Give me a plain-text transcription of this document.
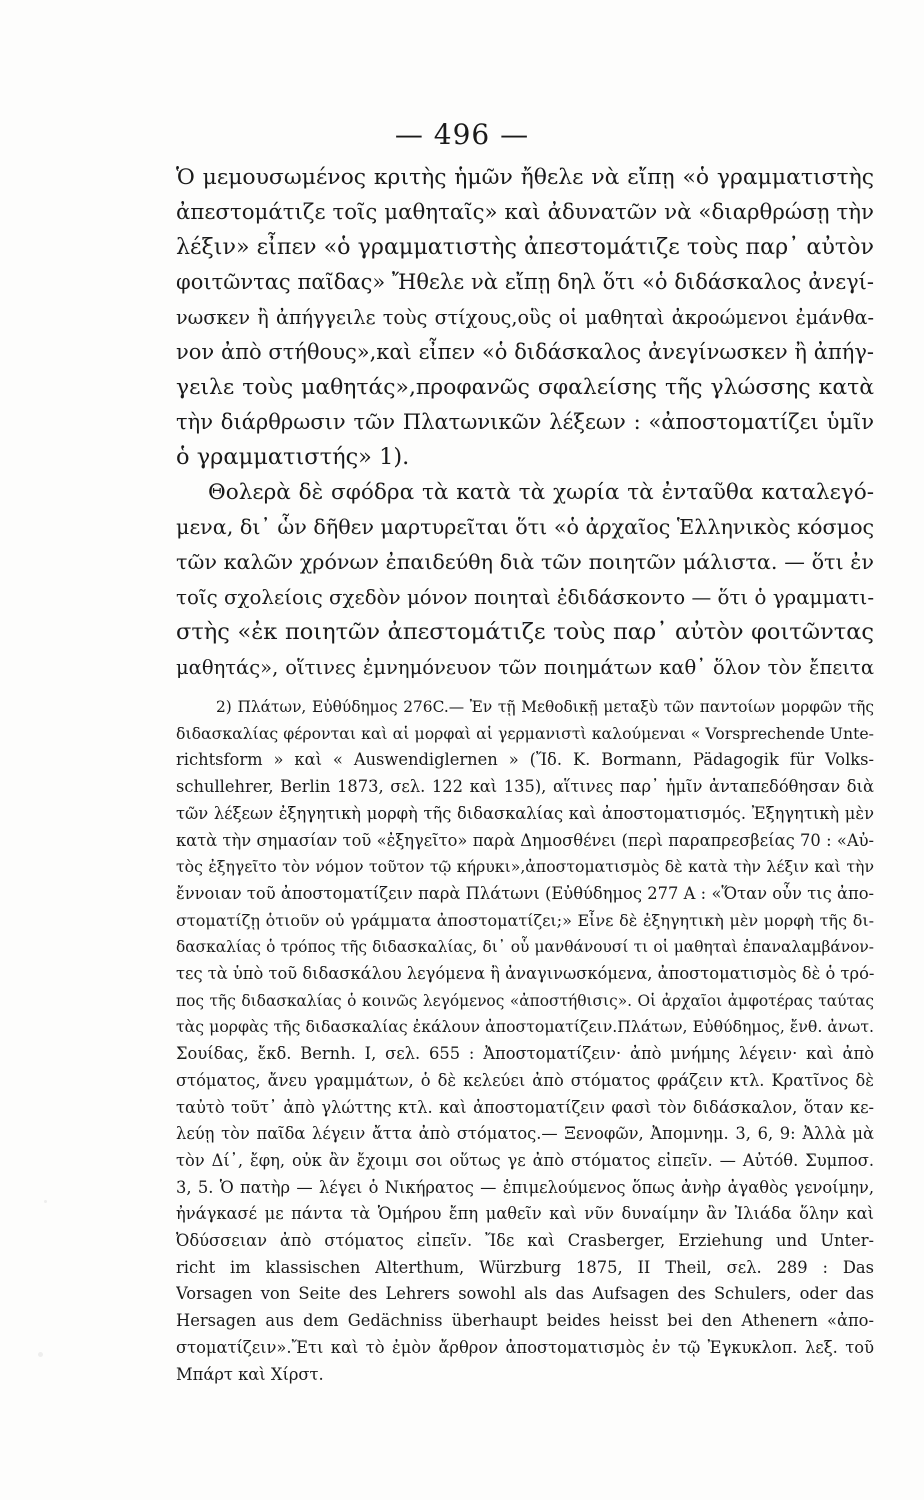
— 496 —
Ὁ μεμουσωμένος κριτὴς ἡμῶν ἤθελε νὰ εἴπῃ «ὁ γραμματιστὴς
ἀπεστομάτιζε τοῖς μαθηταῖς» καὶ ἀδυνατῶν νὰ «διαρθρώσῃ τὴν
λέξιν» εἶπεν «ὁ γραμματιστὴς ἀπεστομάτιζε τοὺς παρ᾽ αὐτὸν
φοιτῶντας παῖδας» Ἤθελε νὰ εἴπῃ δηλ ὅτι «ὁ διδάσκαλος ἀνεγί-
νωσκεν ἢ ἀπήγγειλε τοὺς στίχους,οὓς οἱ μαθηταὶ ἀκροώμενοι ἐμάνθα-
νον ἀπὸ στήθους»,καὶ εἶπεν «ὁ διδάσκαλος ἀνεγίνωσκεν ἢ ἀπήγ-
γειλε τοὺς μαθητάς»,προφανῶς σφαλείσης τῆς γλώσσης κατὰ
τὴν διάρθρωσιν τῶν Πλατωνικῶν λέξεων : «ἀποστοματίζει ὑμῖν
ὁ γραμματιστής» 1).
Θολερὰ δὲ σφόδρα τὰ κατὰ τὰ χωρία τὰ ἐνταῦθα καταλεγό-
μενα, δι᾽ ὧν δῆθεν μαρτυρεῖται ὅτι «ὁ ἀρχαῖος Ἑλληνικὸς κόσμος
τῶν καλῶν χρόνων ἐπαιδεύθη διὰ τῶν ποιητῶν μάλιστα. — ὅτι ἐν
τοῖς σχολείοις σχεδὸν μόνον ποιηταὶ ἐδιδάσκοντο — ὅτι ὁ γραμματι-
στὴς «ἐκ ποιητῶν ἀπεστομάτιζε τοὺς παρ᾽ αὐτὸν φοιτῶντας
μαθητάς», οἵτινες ἐμνημόνευον τῶν ποιημάτων καθ᾽ ὅλον τὸν ἔπειτα
2) Πλάτων, Εὐθύδημος 276C.— Ἐν τῇ Μεθοδικῇ μεταξὺ τῶν παντοίων μορφῶν τῆς
διδασκαλίας φέρονται καὶ αἱ μορφαὶ αἱ γερμανιστὶ καλούμεναι « Vorsprechende Unte-
richtsform » καὶ « Auswendiglernen » (Ἴδ. K. Bormann, Pädagogik für Volks-
schullehrer, Berlin 1873, σελ. 122 καὶ 135), αἵτινες παρ᾽ ἡμῖν ἀνταπεδόθησαν διὰ
τῶν λέξεων ἐξηγητικὴ μορφὴ τῆς διδασκαλίας καὶ ἀποστοματισμός. Ἐξηγητικὴ μὲν
κατὰ τὴν σημασίαν τοῦ «ἐξηγεῖτο» παρὰ Δημοσθένει (περὶ παραπρεσβείας 70 : «Αὐ-
τὸς ἐξηγεῖτο τὸν νόμον τοῦτον τῷ κήρυκι»,ἀποστοματισμὸς δὲ κατὰ τὴν λέξιν καὶ τὴν
ἔννοιαν τοῦ ἀποστοματίζειν παρὰ Πλάτωνι (Εὐθύδημος 277 A : «Ὅταν οὖν τις ἀπο-
στοματίζῃ ὁτιοῦν οὐ γράμματα ἀποστοματίζει;» Εἶνε δὲ ἐξηγητικὴ μὲν μορφὴ τῆς δι-
δασκαλίας ὁ τρόπος τῆς διδασκαλίας, δι᾽ οὗ μανθάνουσί τι οἱ μαθηταὶ ἐπαναλαμβάνον-
τες τὰ ὑπὸ τοῦ διδασκάλου λεγόμενα ἢ ἀναγινωσκόμενα, ἀποστοματισμὸς δὲ ὁ τρό-
πος τῆς διδασκαλίας ὁ κοινῶς λεγόμενος «ἀποστήθισις». Οἱ ἀρχαῖοι ἀμφοτέρας ταύτας
τὰς μορφὰς τῆς διδασκαλίας ἐκάλουν ἀποστοματίζειν.Πλάτων, Εὐθύδημος, ἔνθ. ἀνωτ.
Σουίδας, ἔκδ. Bernh. I, σελ. 655 : Ἀποστοματίζειν· ἀπὸ μνήμης λέγειν· καὶ ἀπὸ
στόματος, ἄνευ γραμμάτων, ὁ δὲ κελεύει ἀπὸ στόματος φράζειν κτλ. Κρατῖνος δὲ
ταὐτὸ τοῦτ᾽ ἀπὸ γλώττης κτλ. καὶ ἀποστοματίζειν φασὶ τὸν διδάσκαλον, ὅταν κε-
λεύῃ τὸν παῖδα λέγειν ἄττα ἀπὸ στόματος.— Ξενοφῶν, Ἀπομνημ. 3, 6, 9: Ἀλλὰ μὰ
τὸν Δί᾽, ἔφη, οὐκ ἂν ἔχοιμι σοι οὕτως γε ἀπὸ στόματος εἰπεῖν. — Αὐτόθ. Συμποσ.
3, 5. Ὁ πατὴρ — λέγει ὁ Νικήρατος — ἐπιμελούμενος ὅπως ἀνὴρ ἀγαθὸς γενοίμην,
ἠνάγκασέ με πάντα τὰ Ὁμήρου ἔπη μαθεῖν καὶ νῦν δυναίμην ἂν Ἰλιάδα ὅλην καὶ
Ὀδύσσειαν ἀπὸ στόματος εἰπεῖν. Ἴδε καὶ Crasberger, Erziehung und Unter-
richt im klassischen Alterthum, Würzburg 1875, II Theil, σελ. 289 : Das
Vorsagen von Seite des Lehrers sowohl als das Aufsagen des Schulers, oder das
Hersagen aus dem Gedächniss überhaupt beides heisst bei den Athenern «ἀπο-
στοματίζειν».Ἔτι καὶ τὸ ἐμὸν ἄρθρον ἀποστοματισμὸς ἐν τῷ Ἐγκυκλοπ. λεξ. τοῦ
Μπάρτ καὶ Χίρστ.
